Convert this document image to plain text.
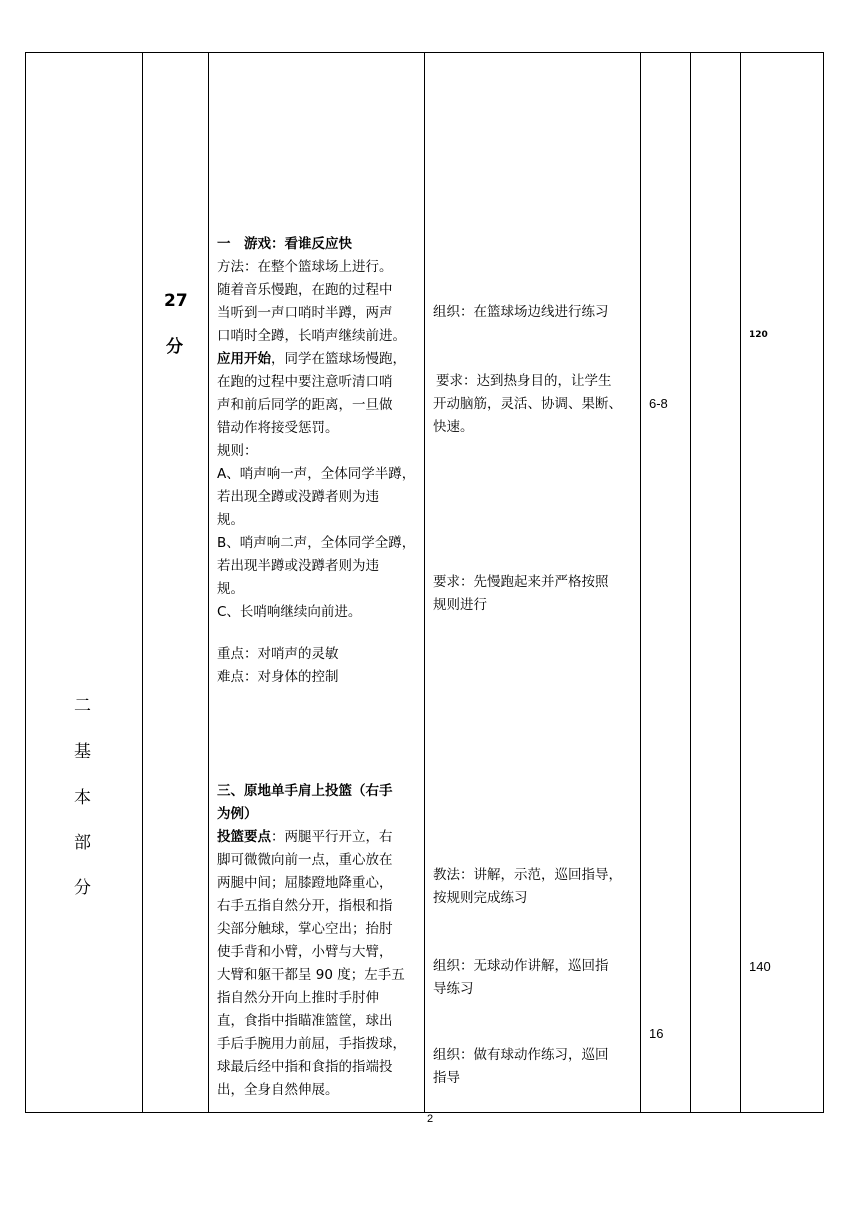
二
基
本
部
分
27
分
一　游戏：看谁反应快
方法：在整个篮球场上进行。
随着音乐慢跑，在跑的过程中
当听到一声口哨时半蹲，两声
口哨时全蹲，长哨声继续前进。
应用开始，同学在篮球场慢跑，
在跑的过程中要注意听清口哨
声和前后同学的距离，一旦做
错动作将接受惩罚。
规则：
A、哨声响一声，全体同学半蹲，
若出现全蹲或没蹲者则为违
规。
B、哨声响二声，全体同学全蹲，
若出现半蹲或没蹲者则为违
规。
C、长哨响继续向前进。
重点：对哨声的灵敏
难点：对身体的控制
三、原地单手肩上投篮（右手
为例）
投篮要点：两腿平行开立，右
脚可微微向前一点，重心放在
两腿中间；屈膝蹬地降重心，
右手五指自然分开，指根和指
尖部分触球，掌心空出；抬肘
使手背和小臂，小臂与大臂，
大臂和躯干都呈 90 度；左手五
指自然分开向上推时手肘伸
直，食指中指瞄准篮筐，球出
手后手腕用力前屈，手指拨球，
球最后经中指和食指的指端投
出，全身自然伸展。
组织：在篮球场边线进行练习
要求：达到热身目的，让学生
开动脑筋，灵活、协调、果断、
快速。
要求：先慢跑起来并严格按照
规则进行
教法：讲解，示范，巡回指导，
按规则完成练习
组织：无球动作讲解，巡回指
导练习
组织：做有球动作练习，巡回
指导
6-8
16
120
140
2
